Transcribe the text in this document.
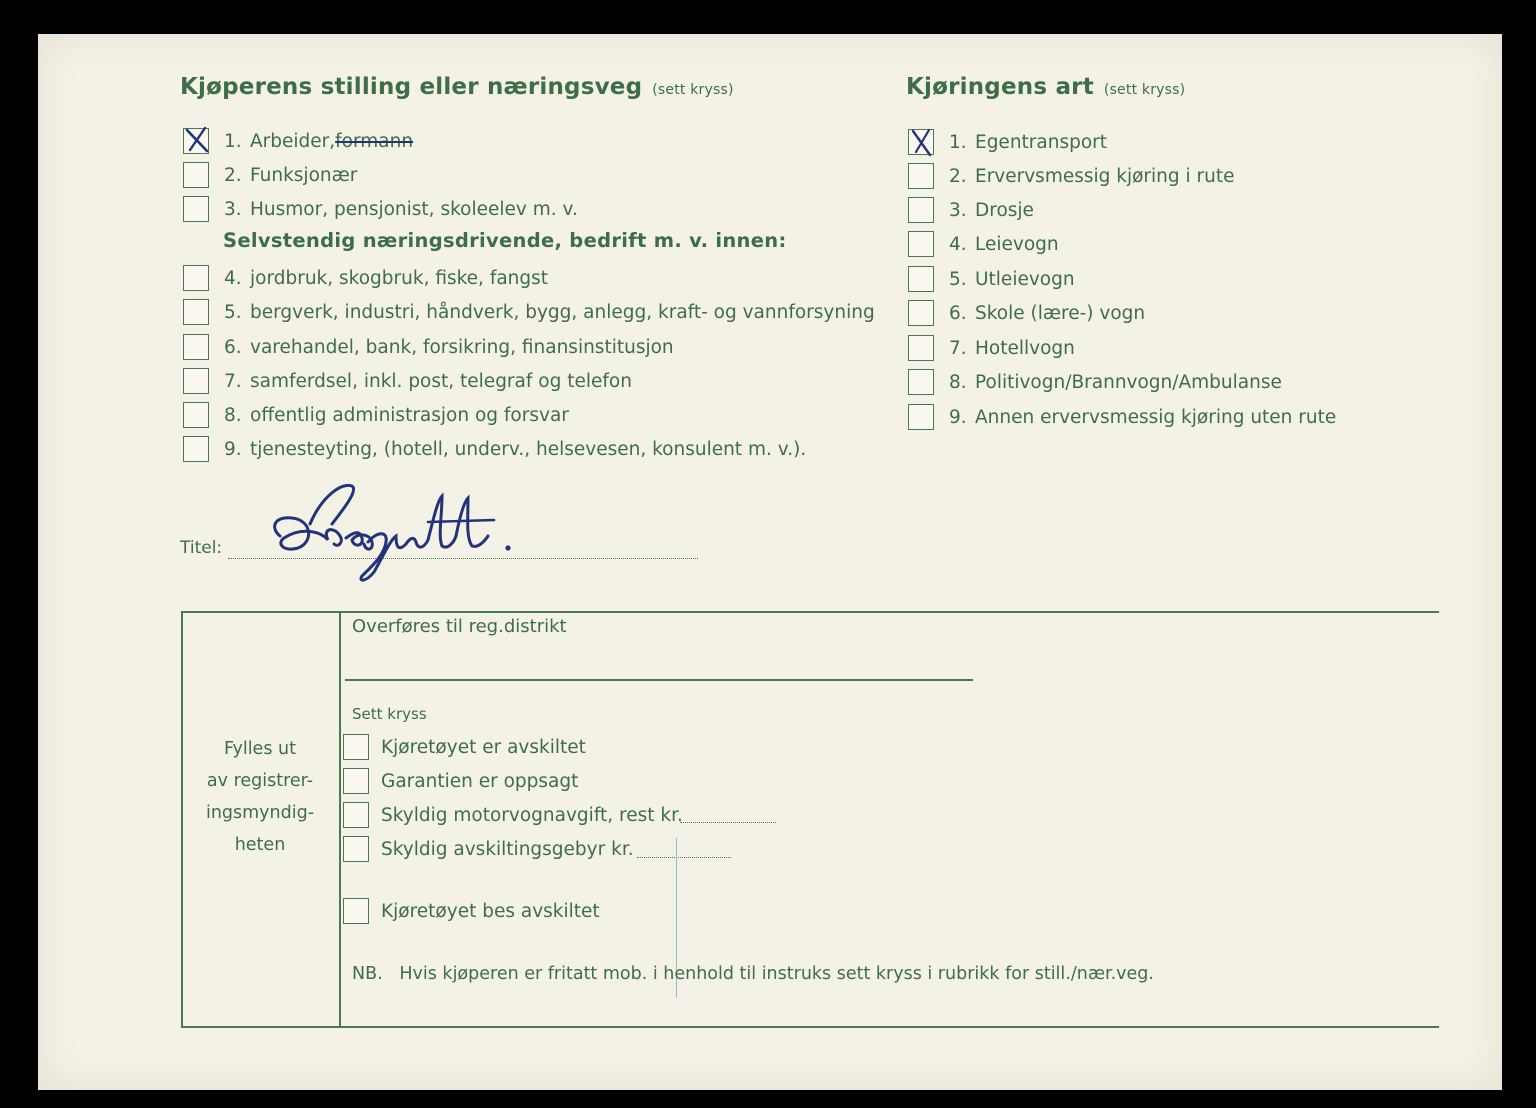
Kjøperens stilling eller næringsveg (sett kryss)	Kjøringens art (sett kryss)
1. Arbeider, formann
2. Funksjonær
3. Husmor, pensjonist, skoleelev m. v.
Selvstendig næringsdrivende, bedrift m. v. innen:
4. jordbruk, skogbruk, fiske, fangst
5. bergverk, industri, håndverk, bygg, anlegg, kraft- og vannforsyning
6. varehandel, bank, forsikring, finansinstitusjon
7. samferdsel, inkl. post, telegraf og telefon
8. offentlig administrasjon og forsvar
9. tjenesteyting, (hotell, underv., helsevesen, konsulent m. v.).
1. Egentransport
2. Ervervsmessig kjøring i rute
3. Drosje
4. Leievogn
5. Utleievogn
6. Skole (lære-) vogn
7. Hotellvogn
8. Politivogn/Brannvogn/Ambulanse
9. Annen ervervsmessig kjøring uten rute
Titel:
Fylles ut
av registrer-
ingsmyndig-
heten
Overføres til reg.distrikt
Sett kryss
Kjøretøyet er avskiltet
Garantien er oppsagt
Skyldig motorvognavgift, rest kr.
Skyldig avskiltingsgebyr kr.
Kjøretøyet bes avskiltet
NB. Hvis kjøperen er fritatt mob. i henhold til instruks sett kryss i rubrikk for still./nær.veg.
